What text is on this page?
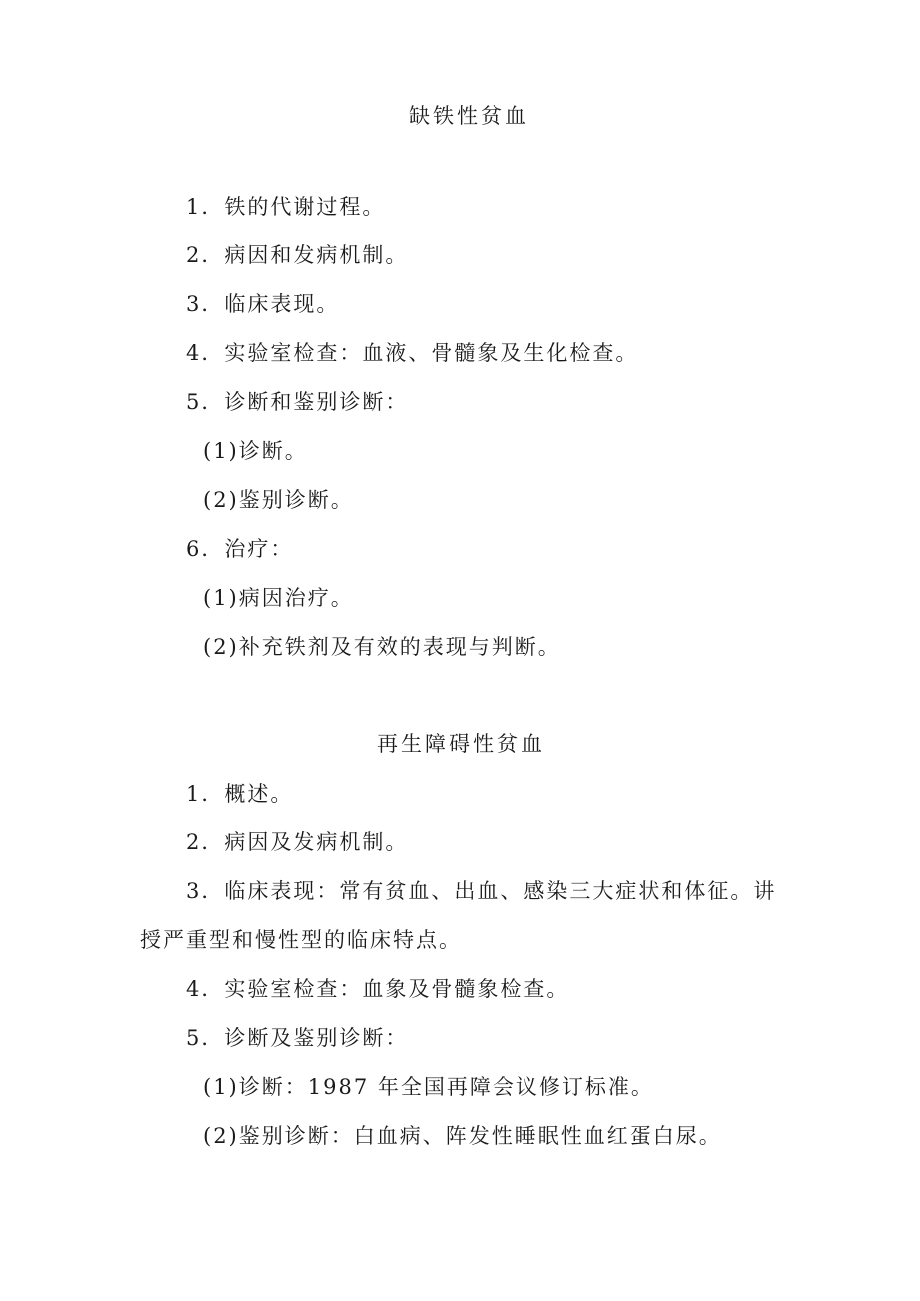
缺铁性贫血
1．铁的代谢过程。
2．病因和发病机制。
3．临床表现。
4．实验室检查：血液、骨髓象及生化检查。
5．诊断和鉴别诊断：
(1)诊断。
(2)鉴别诊断。
6．治疗：
(1)病因治疗。
(2)补充铁剂及有效的表现与判断。
再生障碍性贫血
1．概述。
2．病因及发病机制。
3．临床表现：常有贫血、出血、感染三大症状和体征。讲
授严重型和慢性型的临床特点。
4．实验室检查：血象及骨髓象检查。
5．诊断及鉴别诊断：
(1)诊断：1987 年全国再障会议修订标准。
(2)鉴别诊断：白血病、阵发性睡眠性血红蛋白尿。
